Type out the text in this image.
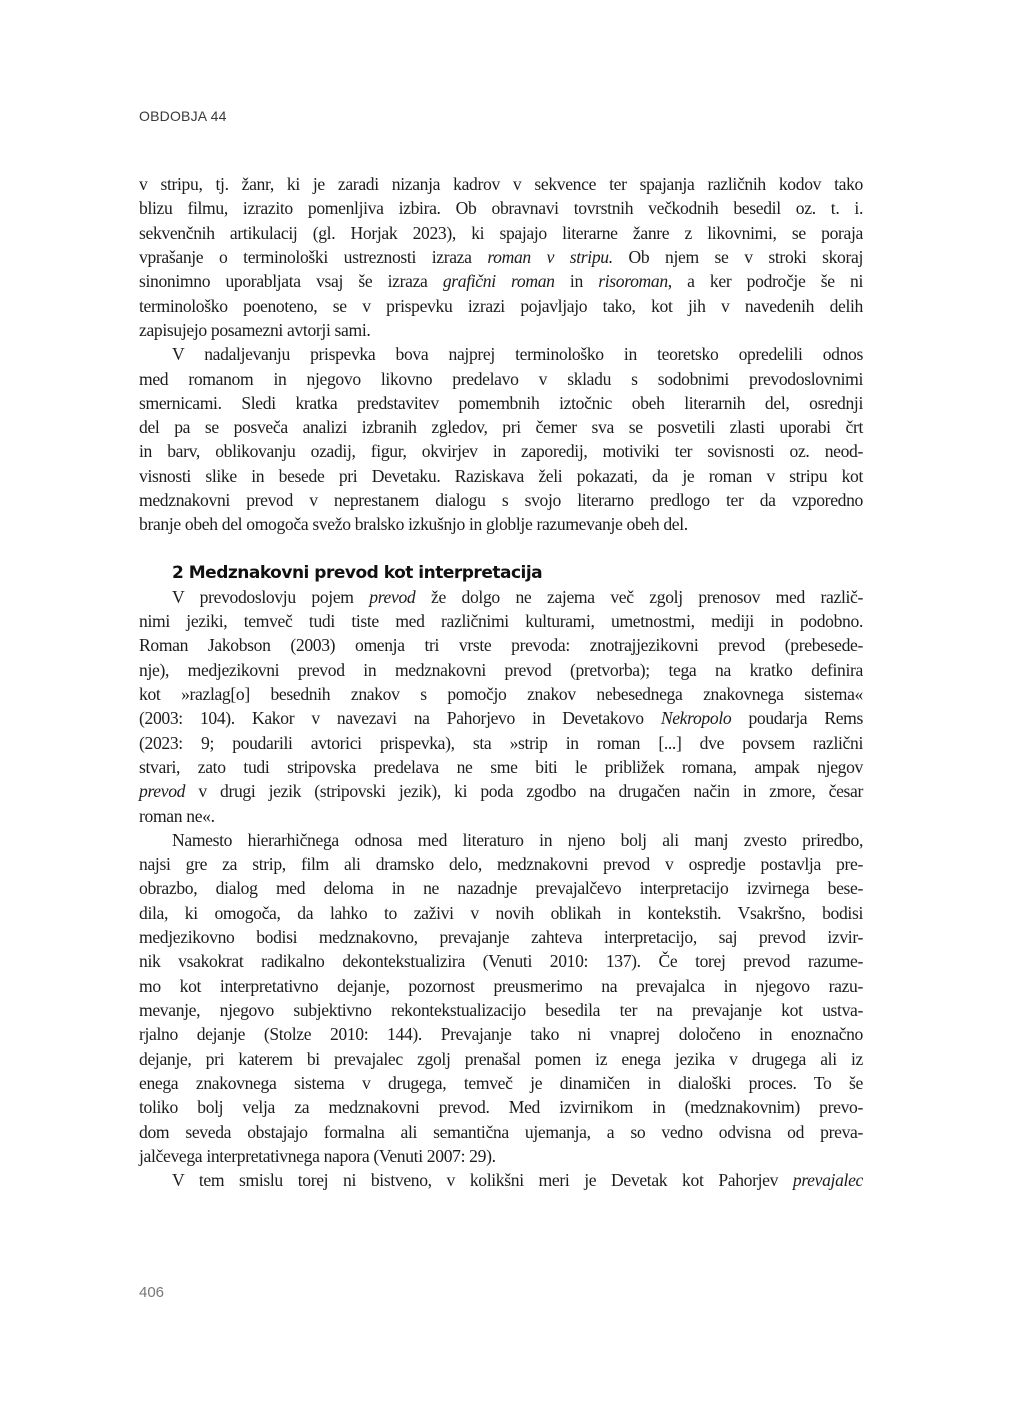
OBDOBJA 44
v stripu, tj. žanr, ki je zaradi nizanja kadrov v sekvence ter spajanja različnih kodov tako
blizu filmu, izrazito pomenljiva izbira. Ob obravnavi tovrstnih večkodnih besedil oz. t. i.
sekvenčnih artikulacij (gl. Horjak 2023), ki spajajo literarne žanre z likovnimi, se poraja
vprašanje o terminološki ustreznosti izraza roman v stripu. Ob njem se v stroki skoraj
sinonimno uporabljata vsaj še izraza grafični roman in risoroman, a ker področje še ni
terminološko poenoteno, se v prispevku izrazi pojavljajo tako, kot jih v navedenih delih
zapisujejo posamezni avtorji sami.
V nadaljevanju prispevka bova najprej terminološko in teoretsko opredelili odnos
med romanom in njegovo likovno predelavo v skladu s sodobnimi prevodoslovnimi
smernicami. Sledi kratka predstavitev pomembnih iztočnic obeh literarnih del, osrednji
del pa se posveča analizi izbranih zgledov, pri čemer sva se posvetili zlasti uporabi črt
in barv, oblikovanju ozadij, figur, okvirjev in zaporedij, motiviki ter sovisnosti oz. neod-
visnosti slike in besede pri Devetaku. Raziskava želi pokazati, da je roman v stripu kot
medznakovni prevod v neprestanem dialogu s svojo literarno predlogo ter da vzporedno
branje obeh del omogoča svežo bralsko izkušnjo in globlje razumevanje obeh del.
2 Medznakovni prevod kot interpretacija
V prevodoslovju pojem prevod že dolgo ne zajema več zgolj prenosov med različ-
nimi jeziki, temveč tudi tiste med različnimi kulturami, umetnostmi, mediji in podobno.
Roman Jakobson (2003) omenja tri vrste prevoda: znotrajjezikovni prevod (prebesede-
nje), medjezikovni prevod in medznakovni prevod (pretvorba); tega na kratko definira
kot »razlag[o] besednih znakov s pomočjo znakov nebesednega znakovnega sistema«
(2003: 104). Kakor v navezavi na Pahorjevo in Devetakovo Nekropolo poudarja Rems
(2023: 9; poudarili avtorici prispevka), sta »strip in roman [...] dve povsem različni
stvari, zato tudi stripovska predelava ne sme biti le približek romana, ampak njegov
prevod v drugi jezik (stripovski jezik), ki poda zgodbo na drugačen način in zmore, česar
roman ne«.
Namesto hierarhičnega odnosa med literaturo in njeno bolj ali manj zvesto priredbo,
najsi gre za strip, film ali dramsko delo, medznakovni prevod v ospredje postavlja pre-
obrazbo, dialog med deloma in ne nazadnje prevajalčevo interpretacijo izvirnega bese-
dila, ki omogoča, da lahko to zaživi v novih oblikah in kontekstih. Vsakršno, bodisi
medjezikovno bodisi medznakovno, prevajanje zahteva interpretacijo, saj prevod izvir-
nik vsakokrat radikalno dekontekstualizira (Venuti 2010: 137). Če torej prevod razume-
mo kot interpretativno dejanje, pozornost preusmerimo na prevajalca in njegovo razu-
mevanje, njegovo subjektivno rekontekstualizacijo besedila ter na prevajanje kot ustva-
rjalno dejanje (Stolze 2010: 144). Prevajanje tako ni vnaprej določeno in enoznačno
dejanje, pri katerem bi prevajalec zgolj prenašal pomen iz enega jezika v drugega ali iz
enega znakovnega sistema v drugega, temveč je dinamičen in dialoški proces. To še
toliko bolj velja za medznakovni prevod. Med izvirnikom in (medznakovnim) prevo-
dom seveda obstajajo formalna ali semantična ujemanja, a so vedno odvisna od preva-
jalčevega interpretativnega napora (Venuti 2007: 29).
V tem smislu torej ni bistveno, v kolikšni meri je Devetak kot Pahorjev prevajalec
406
